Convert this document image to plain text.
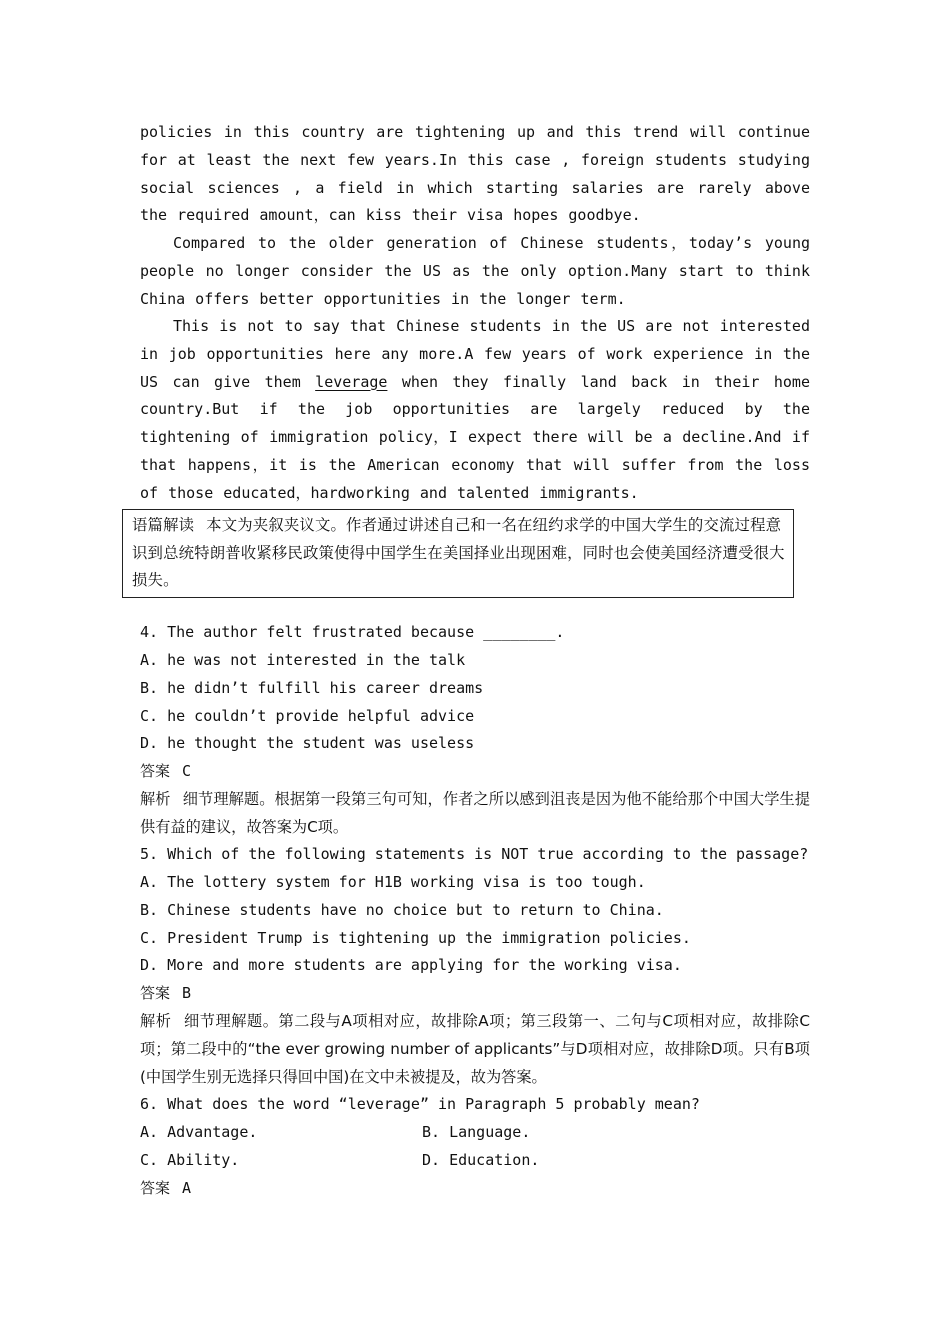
policies in this country are tightening up and this trend will continue for at least the next few years.In this case , foreign students studying social sciences , a field in which starting salaries are rarely above the required amount，can kiss their visa hopes goodbye.

Compared to the older generation of Chinese students，today’s young people no longer consider the US as the only option.Many start to think China offers better opportunities in the longer term.

This is not to say that Chinese students in the US are not interested in job opportunities here any more.A few years of work experience in the US can give them leverage when they finally land back in their home country.But if the job opportunities are largely reduced by the tightening of immigration policy，I expect there will be a decline.And if that happens，it is the American economy that will suffer from the loss of those educated，hardworking and talented immigrants.

语篇解读 本文为夹叙夹议文。作者通过讲述自己和一名在纽约求学的中国大学生的交流过程意识到总统特朗普收紧移民政策使得中国学生在美国择业出现困难，同时也会使美国经济遭受很大损失。

4. The author felt frustrated because ________.

A. he was not interested in the talk

B. he didn’t fulfill his career dreams

C. he couldn’t provide helpful advice

D. he thought the student was useless

答案 C

解析 细节理解题。根据第一段第三句可知，作者之所以感到沮丧是因为他不能给那个中国大学生提供有益的建议，故答案为C项。

5. Which of the following statements is NOT true according to the passage?

A. The lottery system for H1B working visa is too tough.

B. Chinese students have no choice but to return to China.

C. President Trump is tightening up the immigration policies.

D. More and more students are applying for the working visa.

答案 B

解析 细节理解题。第二段与A项相对应，故排除A项；第三段第一、二句与C项相对应，故排除C项；第二段中的“the ever growing number of applicants”与D项相对应，故排除D项。只有B项(中国学生别无选择只得回中国)在文中未被提及，故为答案。

6. What does the word “leverage” in Paragraph 5 probably mean?

A. Advantage.	B. Language.

C. Ability.	D. Education.

答案 A
